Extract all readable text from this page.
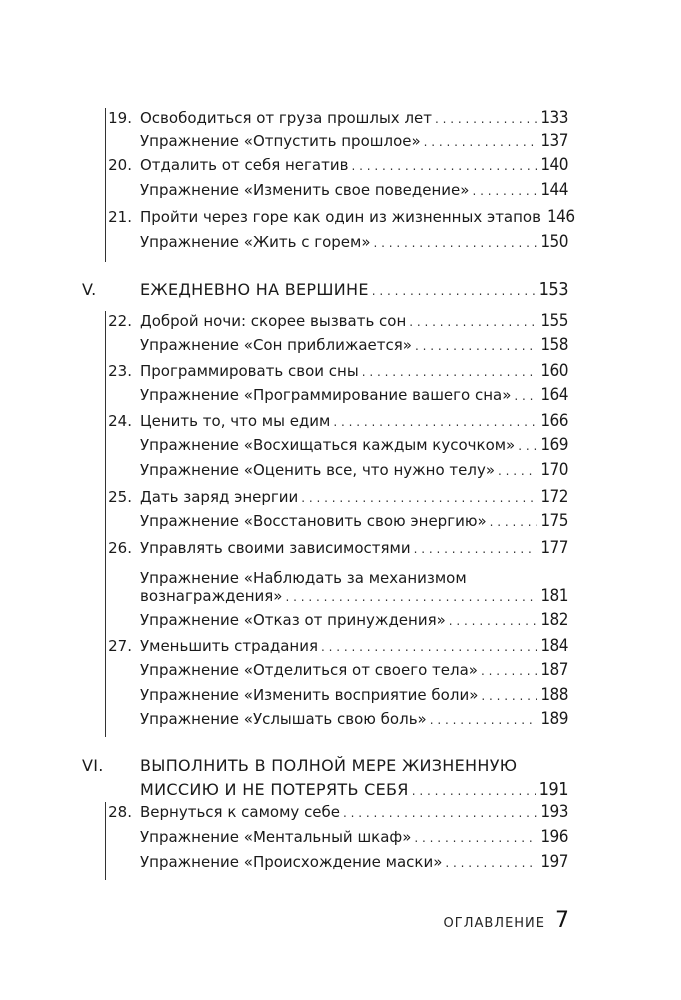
19. Освободиться от груза прошлых лет . . .	133
Упражнение «Отпустить прошлое» . . .	137
20. Отдалить от себя негатив . . .	140
Упражнение «Изменить свое поведение» . . .	144
21. Пройти через горе как один из жизненных этапов 146
Упражнение «Жить с горем» . . .	150
V.	ЕЖЕДНЕВНО НА ВЕРШИНЕ . . .	153
22. Доброй ночи: скорее вызвать сон . . .	155
Упражнение «Сон приближается» . . .	158
23. Программировать свои сны . . .	160
Упражнение «Программирование вашего сна» . . . 164
24. Ценить то, что мы едим . . .	166
Упражнение «Восхищаться каждым кусочком» . . . 169
Упражнение «Оценить все, что нужно телу» . . .	170
25. Дать заряд энергии . . .	172
Упражнение «Восстановить свою энергию» . . .	175
26. Управлять своими зависимостями . . .	177
Упражнение «Наблюдать за механизмом
вознаграждения» . . .	181
Упражнение «Отказ от принуждения» . . .	182
27. Уменьшить страдания . . .	184
Упражнение «Отделиться от своего тела» . . .	187
Упражнение «Изменить восприятие боли» . . .	188
Упражнение «Услышать свою боль» . . .	189
VI.	ВЫПОЛНИТЬ В ПОЛНОЙ МЕРЕ ЖИЗНЕННУЮ
МИССИЮ И НЕ ПОТЕРЯТЬ СЕБЯ . . .	191
28. Вернуться к самому себе . . .	193
Упражнение «Ментальный шкаф» . . .	196
Упражнение «Происхождение маски» . . .	197
ОГЛАВЛЕНИЕ 7
